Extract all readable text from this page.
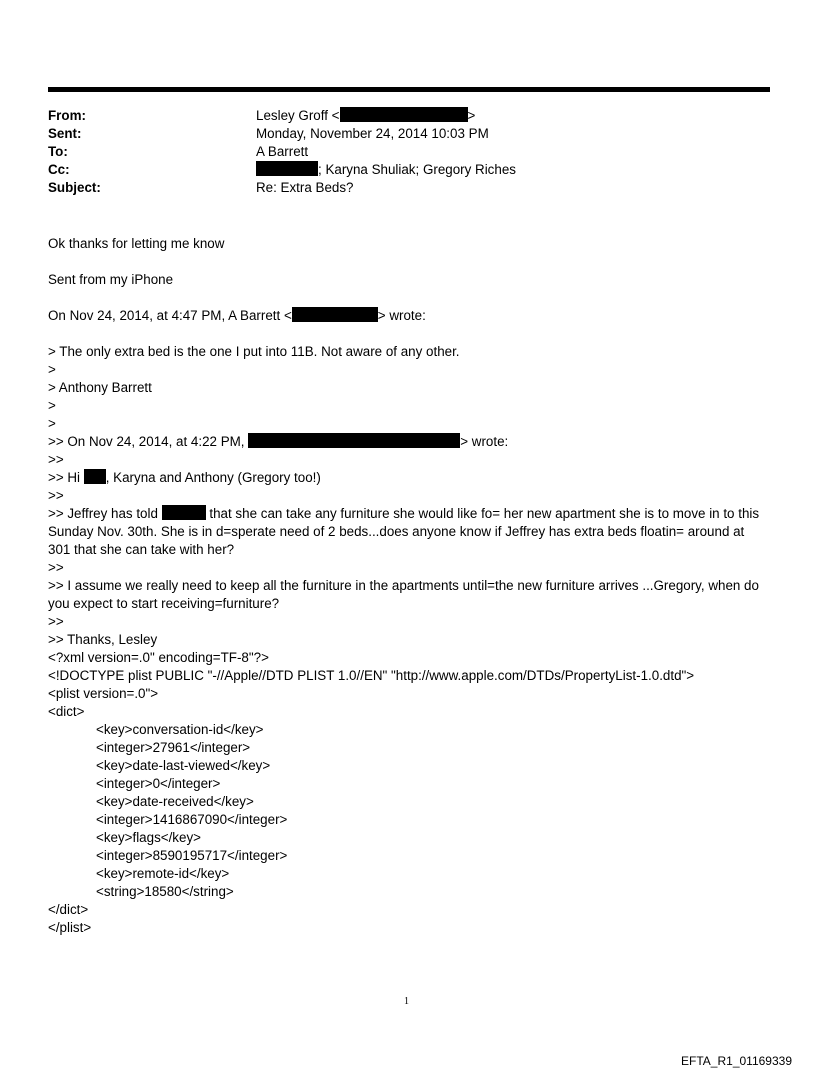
From:	Lesley Groff <	>
Sent:	Monday, November 24, 2014 10:03 PM
To:	A Barrett
Cc:	; Karyna Shuliak; Gregory Riches
Subject:	Re: Extra Beds?
Ok thanks for letting me know
Sent from my iPhone
On Nov 24, 2014, at 4:47 PM, A Barrett <	> wrote:
> The only extra bed is the one I put into 11B. Not aware of any other.
>
> Anthony Barrett
>
>
>> On Nov 24, 2014, at 4:22 PM,	> wrote:
>>
>> Hi , Karyna and Anthony (Gregory too!)
>>
>> Jeffrey has told	that she can take any furniture she would like fo= her new apartment she is to move in to this Sunday Nov. 30th. She is in d=sperate need of 2 beds...does anyone know if Jeffrey has extra beds floatin= around at 301 that she can take with her?
>>
>> I assume we really need to keep all the furniture in the apartments until=the new furniture arrives ...Gregory, when do you expect to start receiving=furniture?
>>
>> Thanks, Lesley
<?xml version=.0" encoding=TF-8"?>
<!DOCTYPE plist PUBLIC "-//Apple//DTD PLIST 1.0//EN" "http://www.apple.com/DTDs/PropertyList-1.0.dtd">
<plist version=.0">
<dict>
<key>conversation-id</key>
<integer>27961</integer>
<key>date-last-viewed</key>
<integer>0</integer>
<key>date-received</key>
<integer>1416867090</integer>
<key>flags</key>
<integer>8590195717</integer>
<key>remote-id</key>
<string>18580</string>
</dict>
</plist>
1
EFTA_R1_01169339
